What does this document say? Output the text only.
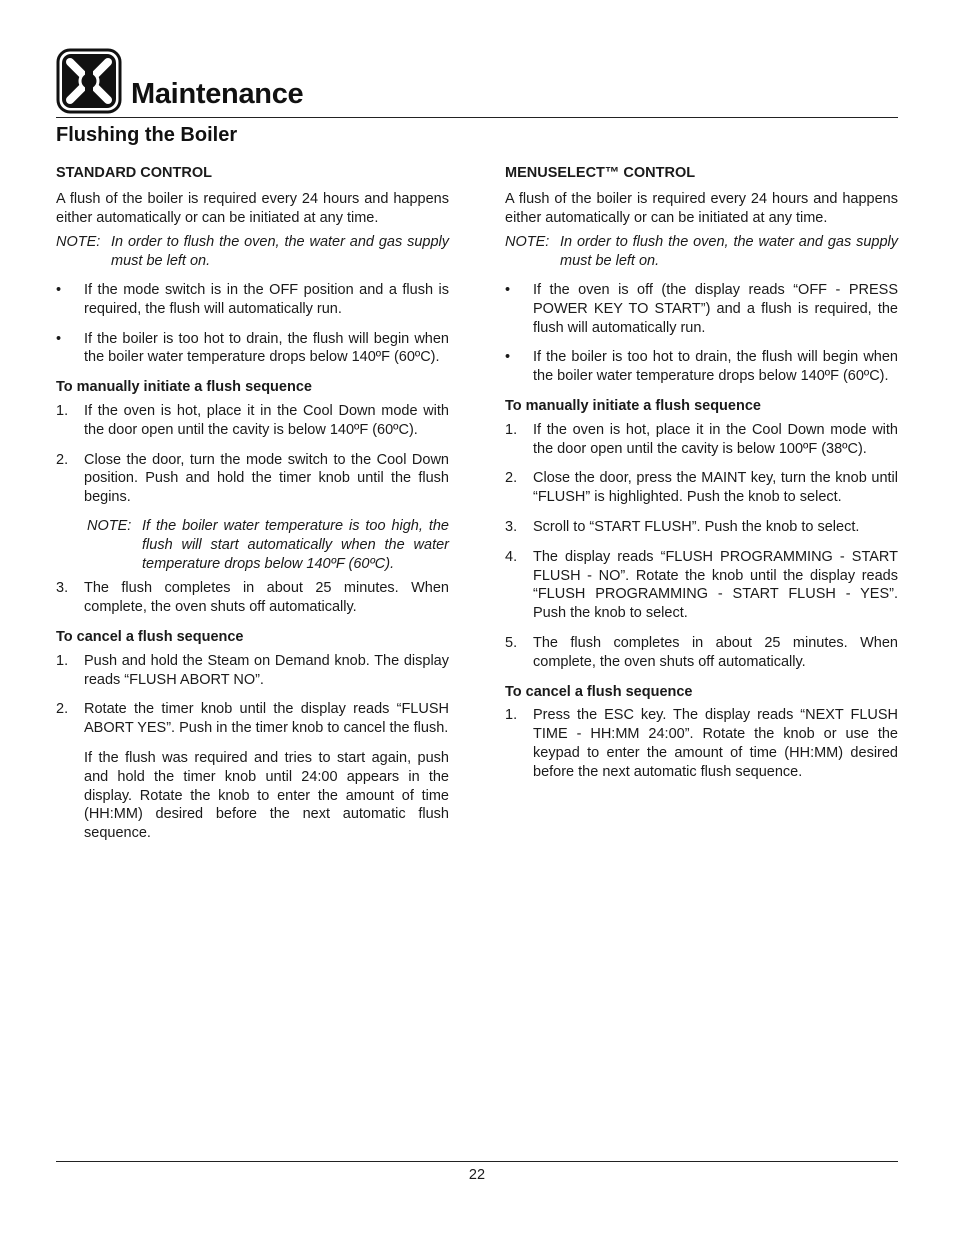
Maintenance
Flushing the Boiler
STANDARD CONTROL

A flush of the boiler is required every 24 hours and happens either automatically or can be initiated at any time.

NOTE: In order to flush the oven, the water and gas supply must be left on.
•	If the mode switch is in the OFF position and a flush is required, the flush will automatically run.
•	If the boiler is too hot to drain, the flush will begin when the boiler water temperature drops below 140ºF (60ºC).
To manually initiate a flush sequence
1.	If the oven is hot, place it in the Cool Down mode with the door open until the cavity is below 140ºF (60ºC).
2.	Close the door, turn the mode switch to the Cool Down position. Push and hold the timer knob until the flush begins.
NOTE: If the boiler water temperature is too high, the flush will start automatically when the water temperature drops below 140ºF (60ºC).
3.	The flush completes in about 25 minutes. When complete, the oven shuts off automatically.
To cancel a flush sequence
1.	Push and hold the Steam on Demand knob. The display reads “FLUSH ABORT NO”.
2.	Rotate the timer knob until the display reads “FLUSH ABORT YES”. Push in the timer knob to cancel the flush.

If the flush was required and tries to start again, push and hold the timer knob until 24:00 appears in the display. Rotate the knob to enter the amount of time (HH:MM) desired before the next automatic flush sequence.

MENUSELECT™ CONTROL

A flush of the boiler is required every 24 hours and happens either automatically or can be initiated at any time.

NOTE: In order to flush the oven, the water and gas supply must be left on.
•	If the oven is off (the display reads “OFF - PRESS POWER KEY TO START”) and a flush is required, the flush will automatically run.
•	If the boiler is too hot to drain, the flush will begin when the boiler water temperature drops below 140ºF (60ºC).
To manually initiate a flush sequence
1.	If the oven is hot, place it in the Cool Down mode with the door open until the cavity is below 100ºF (38ºC).
2.	Close the door, press the MAINT key, turn the knob until “FLUSH” is highlighted. Push the knob to select.
3.	Scroll to “START FLUSH”. Push the knob to select.
4.	The display reads “FLUSH PROGRAMMING - START FLUSH - NO”. Rotate the knob until the display reads “FLUSH PROGRAMMING - START FLUSH - YES”. Push the knob to select.
5.	The flush completes in about 25 minutes. When complete, the oven shuts off automatically.
To cancel a flush sequence
1.	Press the ESC key. The display reads “NEXT FLUSH TIME - HH:MM 24:00”. Rotate the knob or use the keypad to enter the amount of time (HH:MM) desired before the next automatic flush sequence.
22
